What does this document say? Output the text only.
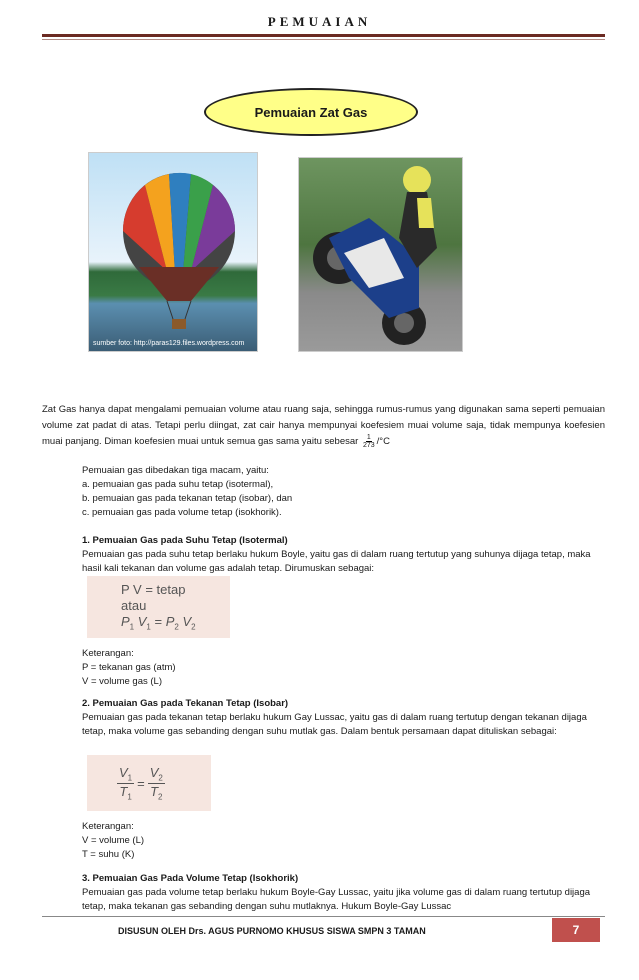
PEMUAIAN
Pemuaian Zat Gas
sumber foto: http://paras129.files.wordpress.com
Zat Gas hanya dapat mengalami pemuaian volume atau ruang saja, sehingga rumus-rumus yang digunakan sama seperti pemuaian volume zat padat di atas. Tetapi perlu diingat, zat cair hanya mempunyai koefesiem muai volume saja, tidak mempunya koefesien muai panjang. Diman koefesien muai untuk semua gas sama yaitu sebesar $\frac{1}{273} /^\circ C$
Pemuaian gas dibedakan tiga macam, yaitu:
a. pemuaian gas pada suhu tetap (isotermal),
b. pemuaian gas pada tekanan tetap (isobar), dan
c. pemuaian gas pada volume tetap (isokhorik).
1. Pemuaian Gas pada Suhu Tetap (Isotermal)
Pemuaian gas pada suhu tetap berlaku hukum Boyle, yaitu gas di dalam ruang tertutup yang suhunya dijaga tetap, maka hasil kali tekanan dan volume gas adalah tetap. Dirumuskan sebagai:
P V = tetap
atau
$P_1$ $V_1 = P_2$ $V_2$
Keterangan:
P = tekanan gas (atm)
V = volume gas (L)
2. Pemuaian Gas pada Tekanan Tetap (Isobar)
Pemuaian gas pada tekanan tetap berlaku hukum Gay Lussac, yaitu gas di dalam ruang tertutup dengan tekanan dijaga tetap, maka volume gas sebanding dengan suhu mutlak gas. Dalam bentuk persamaan dapat dituliskan sebagai:
$\frac{V_1}{T_1} = \frac{V_2}{T_2}$
Keterangan:
V = volume (L)
T = suhu (K)
3. Pemuaian Gas Pada Volume Tetap (Isokhorik)
Pemuaian gas pada volume tetap berlaku hukum Boyle-Gay Lussac, yaitu jika volume gas di dalam ruang tertutup dijaga tetap, maka tekanan gas sebanding dengan suhu mutlaknya. Hukum Boyle-Gay Lussac
DISUSUN OLEH Drs. AGUS PURNOMO KHUSUS SISWA SMPN 3 TAMAN	7
